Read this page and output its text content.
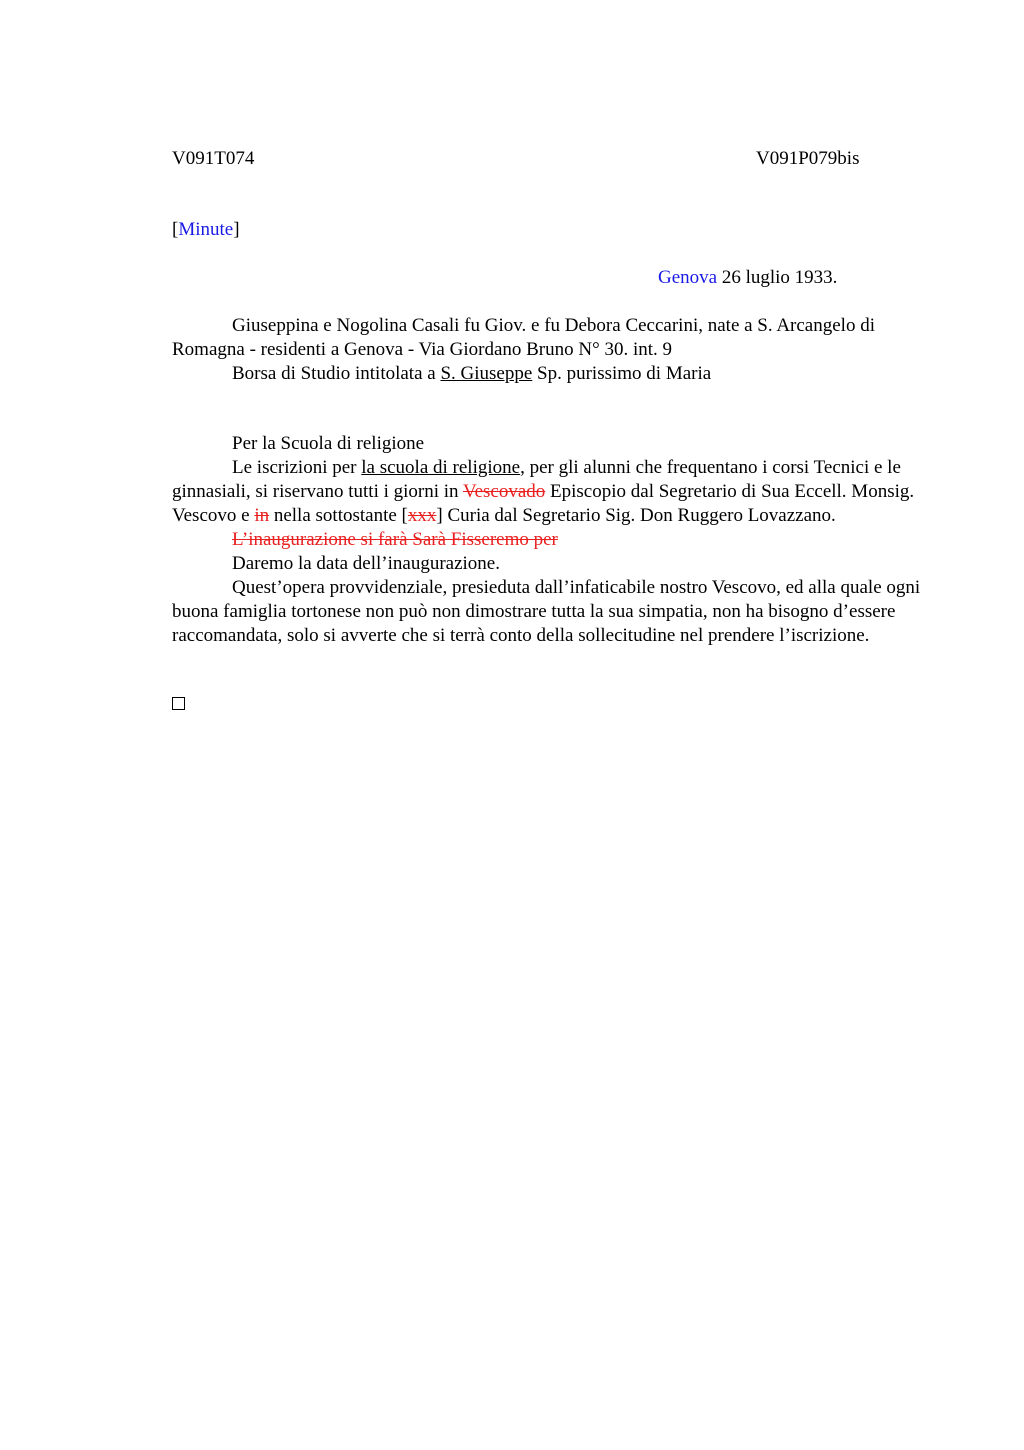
V091T074	V091P079bis
[Minute]
Genova 26 luglio 1933.

Giuseppina e Nogolina Casali fu Giov. e fu Debora Ceccarini, nate a S. Arcangelo di Romagna - residenti a Genova - Via Giordano Bruno N° 30. int. 9

Borsa di Studio intitolata a S. Giuseppe Sp. purissimo di Maria

Per la Scuola di religione

Le iscrizioni per la scuola di religione, per gli alunni che frequentano i corsi Tecnici e le ginnasiali, si riservano tutti i giorni in Vescovado Episcopio dal Segretario di Sua Eccell. Monsig. Vescovo e in nella sottostante [xxx] Curia dal Segretario Sig. Don Ruggero Lovazzano.

L’inaugurazione si farà Sarà Fisseremo per

Daremo la data dell’inaugurazione.

Quest’opera provvidenziale, presieduta dall’infaticabile nostro Vescovo, ed alla quale ogni buona famiglia tortonese non può non dimostrare tutta la sua simpatia, non ha bisogno d’essere raccomandata, solo si avverte che si terrà conto della sollecitudine nel prendere l’iscrizione.
